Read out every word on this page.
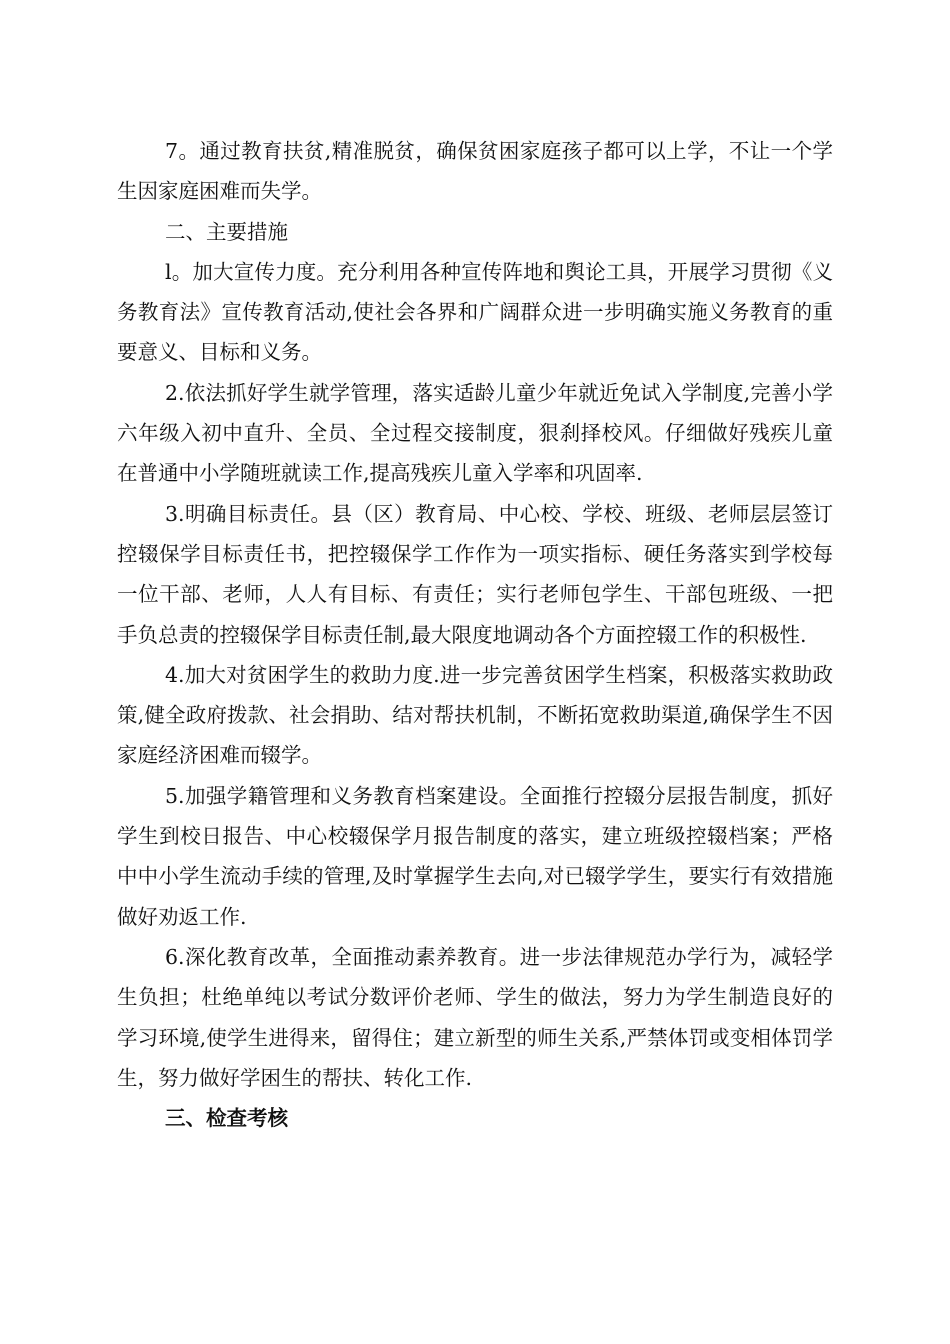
7。通过教育扶贫,精准脱贫，确保贫困家庭孩子都可以上学，不让一个学生因家庭困难而失学。

二、主要措施

l。加大宣传力度。充分利用各种宣传阵地和舆论工具，开展学习贯彻《义务教育法》宣传教育活动,使社会各界和广阔群众进一步明确实施义务教育的重要意义、目标和义务。

2.依法抓好学生就学管理，落实适龄儿童少年就近免试入学制度,完善小学六年级入初中直升、全员、全过程交接制度，狠刹择校风。仔细做好残疾儿童在普通中小学随班就读工作,提高残疾儿童入学率和巩固率.

3.明确目标责任。县（区）教育局、中心校、学校、班级、老师层层签订控辍保学目标责任书，把控辍保学工作作为一项实指标、硬任务落实到学校每一位干部、老师，人人有目标、有责任；实行老师包学生、干部包班级、一把手负总责的控辍保学目标责任制,最大限度地调动各个方面控辍工作的积极性.

4.加大对贫困学生的救助力度.进一步完善贫困学生档案，积极落实救助政策,健全政府拨款、社会捐助、结对帮扶机制，不断拓宽救助渠道,确保学生不因家庭经济困难而辍学。

5.加强学籍管理和义务教育档案建设。全面推行控辍分层报告制度，抓好学生到校日报告、中心校辍保学月报告制度的落实，建立班级控辍档案；严格中中小学生流动手续的管理,及时掌握学生去向,对已辍学学生，要实行有效措施做好劝返工作.

6.深化教育改革，全面推动素养教育。进一步法律规范办学行为，减轻学生负担；杜绝单纯以考试分数评价老师、学生的做法，努力为学生制造良好的学习环境,使学生进得来，留得住；建立新型的师生关系,严禁体罚或变相体罚学生，努力做好学困生的帮扶、转化工作.

三、检查考核
